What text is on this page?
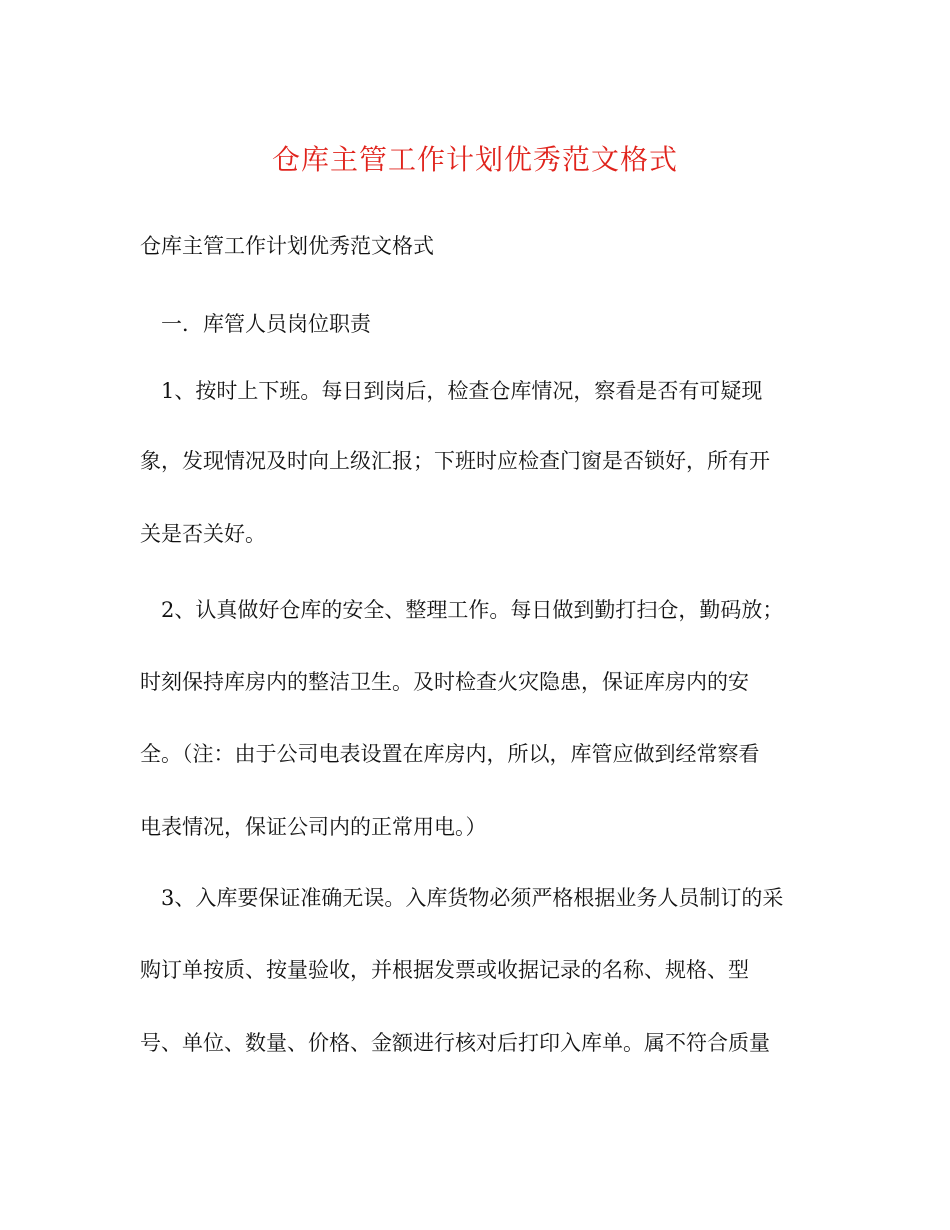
仓库主管工作计划优秀范文格式
仓库主管工作计划优秀范文格式
　一．库管人员岗位职责
　1、按时上下班。每日到岗后，检查仓库情况，察看是否有可疑现
象，发现情况及时向上级汇报；下班时应检查门窗是否锁好，所有开
关是否关好。
　2、认真做好仓库的安全、整理工作。每日做到勤打扫仓，勤码放；
时刻保持库房内的整洁卫生。及时检查火灾隐患，保证库房内的安
全。（注：由于公司电表设置在库房内，所以，库管应做到经常察看
电表情况，保证公司内的正常用电。）
　3、入库要保证准确无误。入库货物必须严格根据业务人员制订的采
购订单按质、按量验收，并根据发票或收据记录的名称、规格、型
号、单位、数量、价格、金额进行核对后打印入库单。属不符合质量
